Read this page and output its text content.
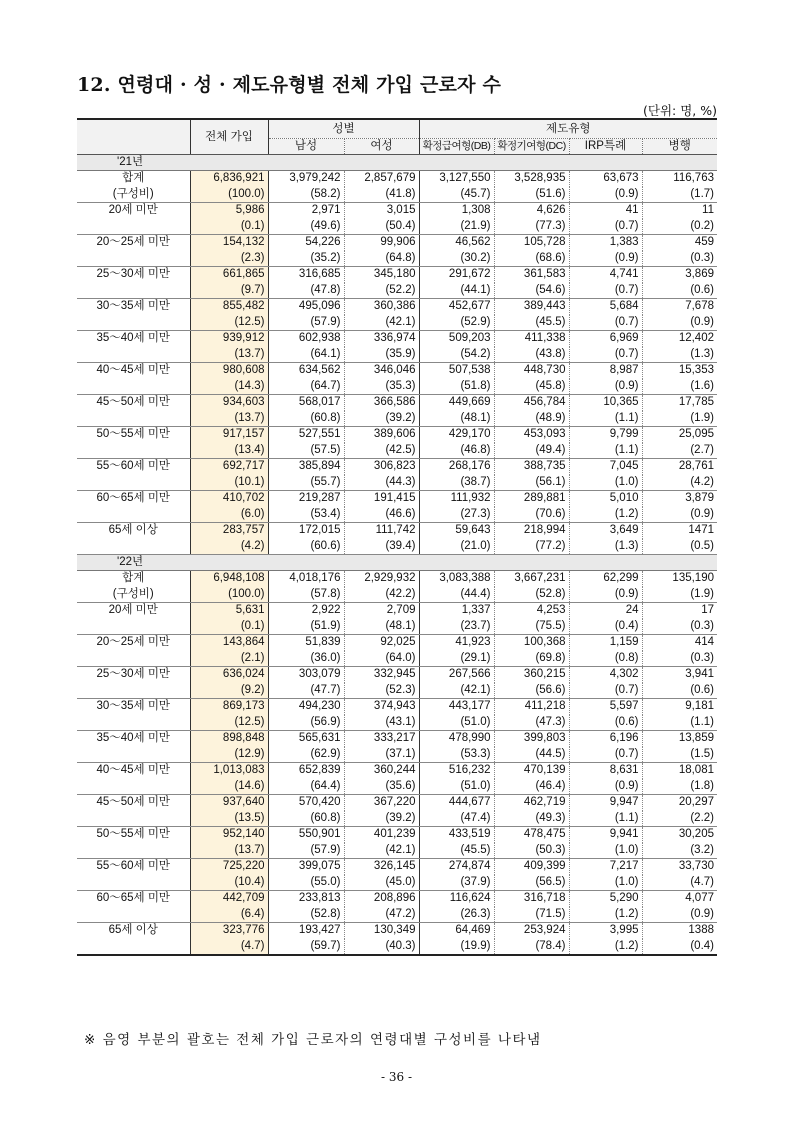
12. 연령대 · 성 · 제도유형별 전체 가입 근로자 수
(단위: 명, %)
	전체 가입	성별		제도유형			
		남성	여성	확정급여형(DB)	확정기여형(DC)	IRP특례	병행
'21년							
합계	6,836,921	3,979,242	2,857,679	3,127,550	3,528,935	63,673	116,763
(구성비)	(100.0)	(58.2)	(41.8)	(45.7)	(51.6)	(0.9)	(1.7)
20세 미만	5,986	2,971	3,015	1,308	4,626	41	11
	(0.1)	(49.6)	(50.4)	(21.9)	(77.3)	(0.7)	(0.2)
20～25세 미만	154,132	54,226	99,906	46,562	105,728	1,383	459
	(2.3)	(35.2)	(64.8)	(30.2)	(68.6)	(0.9)	(0.3)
25～30세 미만	661,865	316,685	345,180	291,672	361,583	4,741	3,869
	(9.7)	(47.8)	(52.2)	(44.1)	(54.6)	(0.7)	(0.6)
30～35세 미만	855,482	495,096	360,386	452,677	389,443	5,684	7,678
	(12.5)	(57.9)	(42.1)	(52.9)	(45.5)	(0.7)	(0.9)
35～40세 미만	939,912	602,938	336,974	509,203	411,338	6,969	12,402
	(13.7)	(64.1)	(35.9)	(54.2)	(43.8)	(0.7)	(1.3)
40～45세 미만	980,608	634,562	346,046	507,538	448,730	8,987	15,353
	(14.3)	(64.7)	(35.3)	(51.8)	(45.8)	(0.9)	(1.6)
45～50세 미만	934,603	568,017	366,586	449,669	456,784	10,365	17,785
	(13.7)	(60.8)	(39.2)	(48.1)	(48.9)	(1.1)	(1.9)
50～55세 미만	917,157	527,551	389,606	429,170	453,093	9,799	25,095
	(13.4)	(57.5)	(42.5)	(46.8)	(49.4)	(1.1)	(2.7)
55～60세 미만	692,717	385,894	306,823	268,176	388,735	7,045	28,761
	(10.1)	(55.7)	(44.3)	(38.7)	(56.1)	(1.0)	(4.2)
60～65세 미만	410,702	219,287	191,415	111,932	289,881	5,010	3,879
	(6.0)	(53.4)	(46.6)	(27.3)	(70.6)	(1.2)	(0.9)
65세 이상	283,757	172,015	111,742	59,643	218,994	3,649	1471
	(4.2)	(60.6)	(39.4)	(21.0)	(77.2)	(1.3)	(0.5)
'22년							
합계	6,948,108	4,018,176	2,929,932	3,083,388	3,667,231	62,299	135,190
(구성비)	(100.0)	(57.8)	(42.2)	(44.4)	(52.8)	(0.9)	(1.9)
20세 미만	5,631	2,922	2,709	1,337	4,253	24	17
	(0.1)	(51.9)	(48.1)	(23.7)	(75.5)	(0.4)	(0.3)
20～25세 미만	143,864	51,839	92,025	41,923	100,368	1,159	414
	(2.1)	(36.0)	(64.0)	(29.1)	(69.8)	(0.8)	(0.3)
25～30세 미만	636,024	303,079	332,945	267,566	360,215	4,302	3,941
	(9.2)	(47.7)	(52.3)	(42.1)	(56.6)	(0.7)	(0.6)
30～35세 미만	869,173	494,230	374,943	443,177	411,218	5,597	9,181
	(12.5)	(56.9)	(43.1)	(51.0)	(47.3)	(0.6)	(1.1)
35～40세 미만	898,848	565,631	333,217	478,990	399,803	6,196	13,859
	(12.9)	(62.9)	(37.1)	(53.3)	(44.5)	(0.7)	(1.5)
40～45세 미만	1,013,083	652,839	360,244	516,232	470,139	8,631	18,081
	(14.6)	(64.4)	(35.6)	(51.0)	(46.4)	(0.9)	(1.8)
45～50세 미만	937,640	570,420	367,220	444,677	462,719	9,947	20,297
	(13.5)	(60.8)	(39.2)	(47.4)	(49.3)	(1.1)	(2.2)
50～55세 미만	952,140	550,901	401,239	433,519	478,475	9,941	30,205
	(13.7)	(57.9)	(42.1)	(45.5)	(50.3)	(1.0)	(3.2)
55～60세 미만	725,220	399,075	326,145	274,874	409,399	7,217	33,730
	(10.4)	(55.0)	(45.0)	(37.9)	(56.5)	(1.0)	(4.7)
60～65세 미만	442,709	233,813	208,896	116,624	316,718	5,290	4,077
	(6.4)	(52.8)	(47.2)	(26.3)	(71.5)	(1.2)	(0.9)
65세 이상	323,776	193,427	130,349	64,469	253,924	3,995	1388
	(4.7)	(59.7)	(40.3)	(19.9)	(78.4)	(1.2)	(0.4)
※ 음영 부분의 괄호는 전체 가입 근로자의 연령대별 구성비를 나타냄
- 36 -
